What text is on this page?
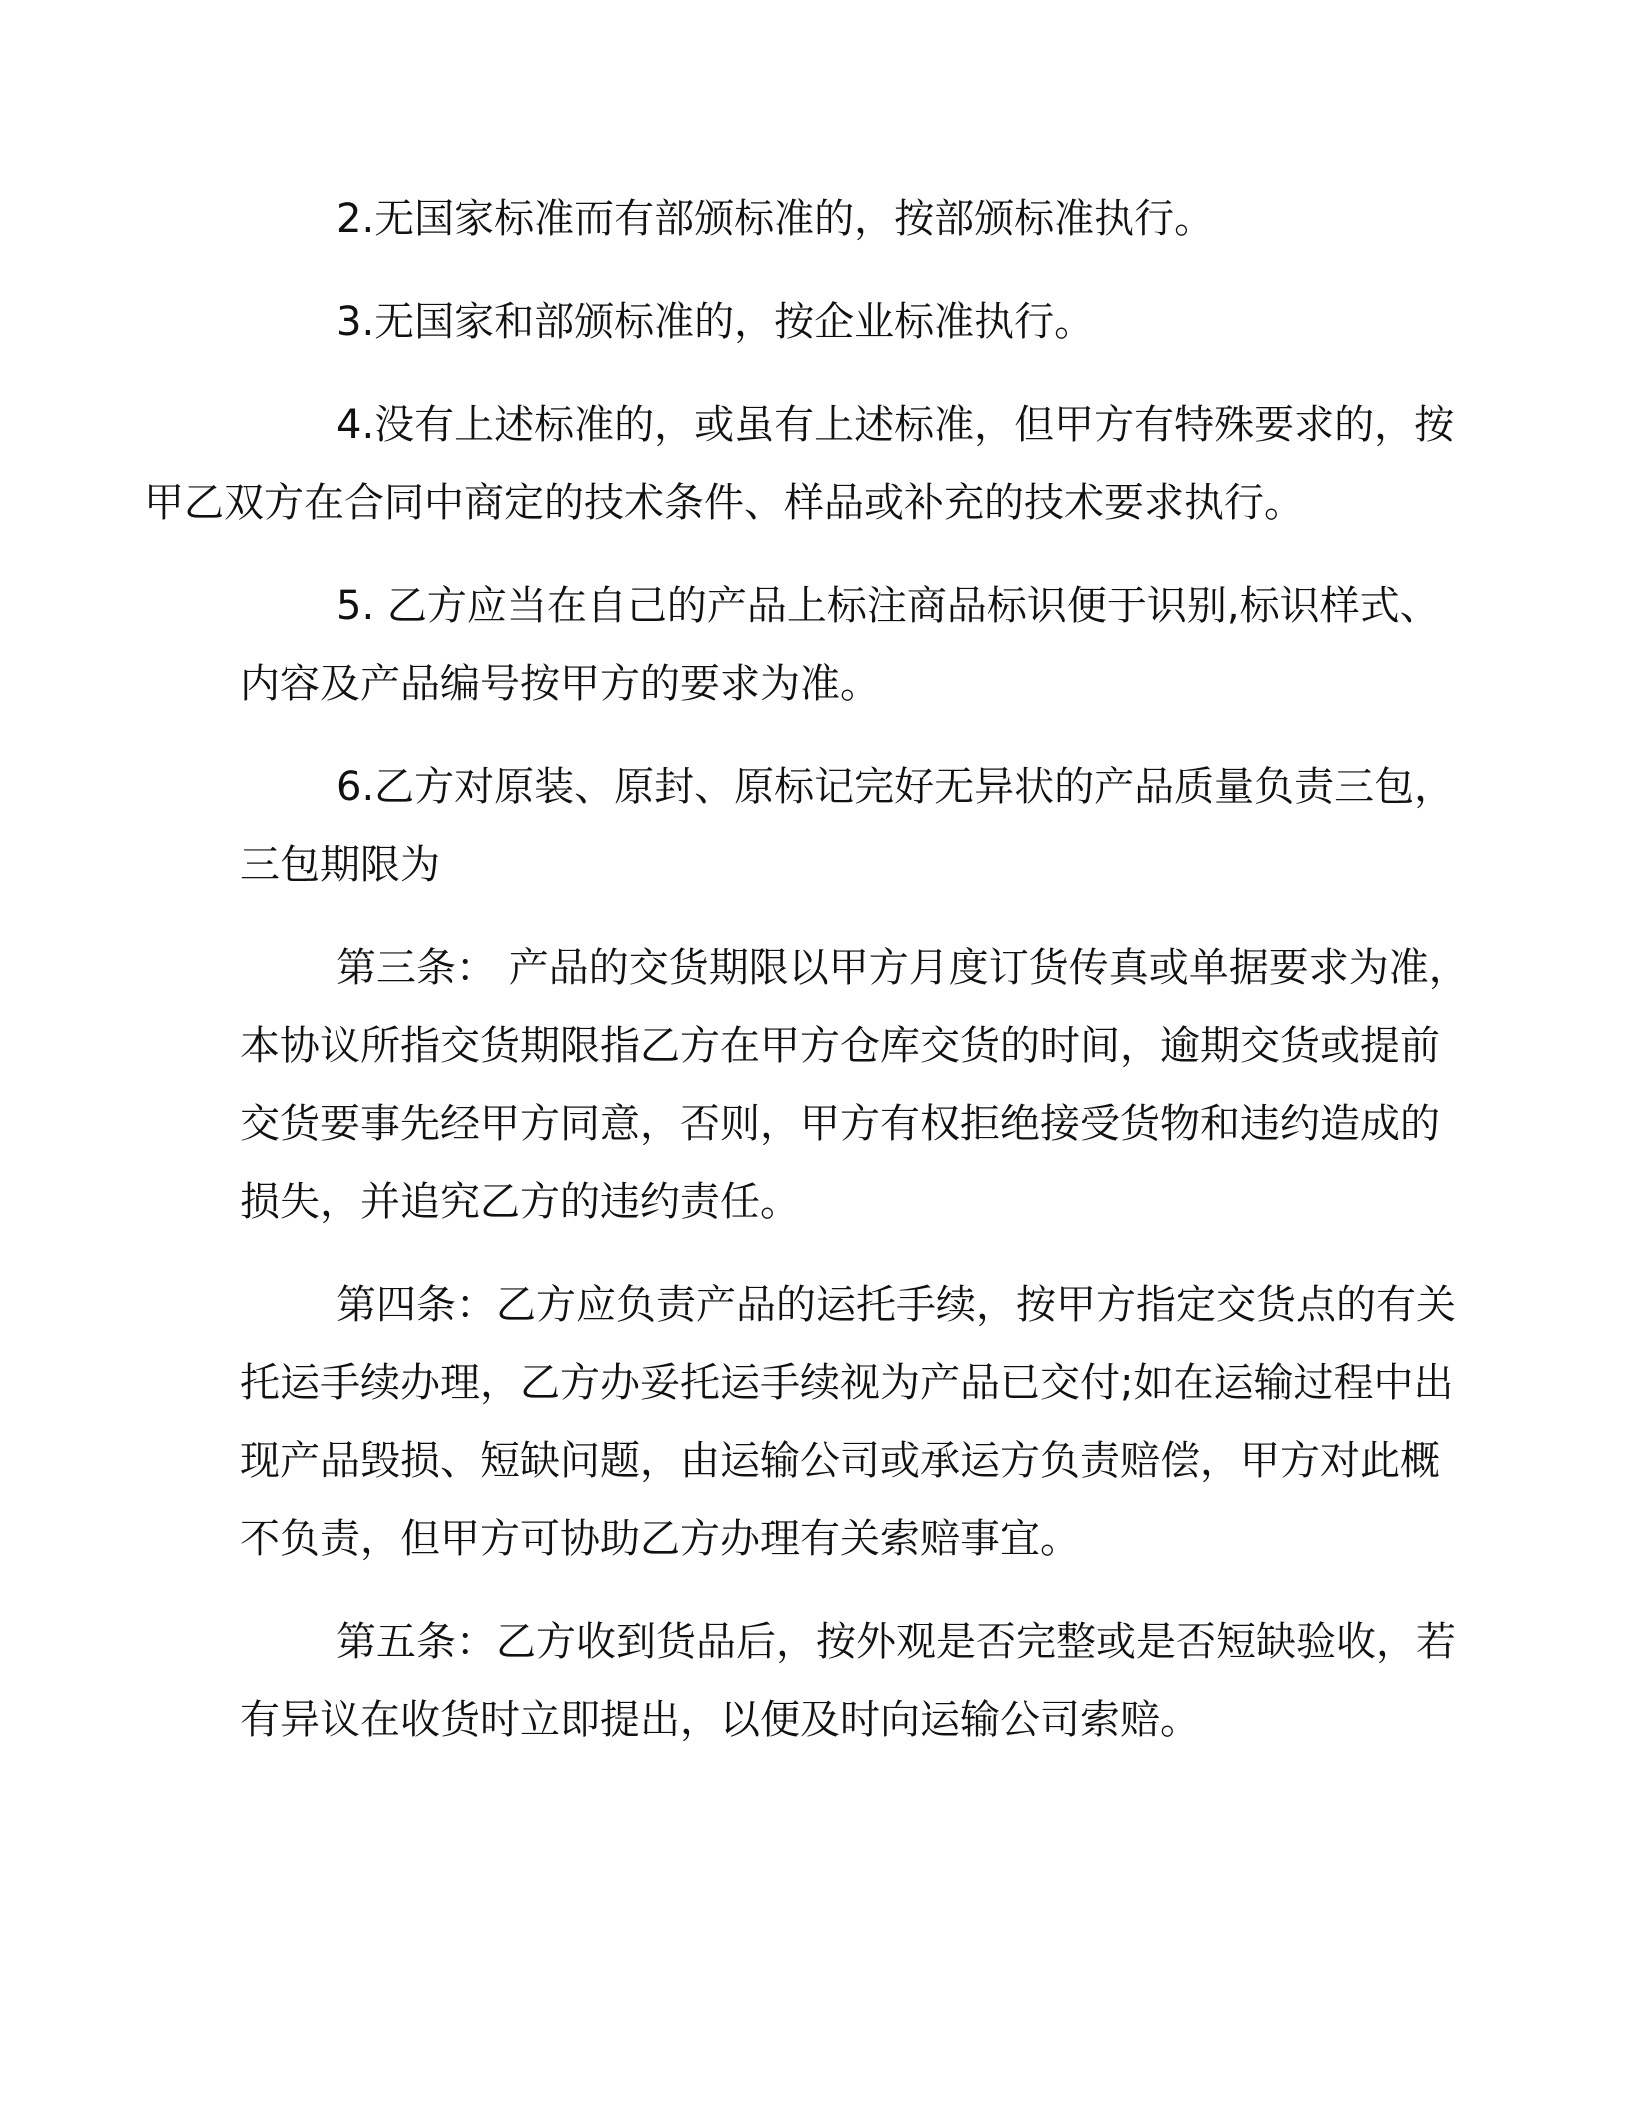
2.无国家标准而有部颁标准的，按部颁标准执行。

3.无国家和部颁标准的，按企业标准执行。

4.没有上述标准的，或虽有上述标准，但甲方有特殊要求的，按
甲乙双方在合同中商定的技术条件、样品或补充的技术要求执行。

5. 乙方应当在自己的产品上标注商品标识便于识别,标识样式、
内容及产品编号按甲方的要求为准。

6.乙方对原装、原封、原标记完好无异状的产品质量负责三包，
三包期限为

第三条： 产品的交货期限以甲方月度订货传真或单据要求为准，
本协议所指交货期限指乙方在甲方仓库交货的时间，逾期交货或提前
交货要事先经甲方同意，否则，甲方有权拒绝接受货物和违约造成的
损失，并追究乙方的违约责任。

第四条：乙方应负责产品的运托手续，按甲方指定交货点的有关
托运手续办理，乙方办妥托运手续视为产品已交付;如在运输过程中出
现产品毁损、短缺问题，由运输公司或承运方负责赔偿，甲方对此概
不负责，但甲方可协助乙方办理有关索赔事宜。

第五条：乙方收到货品后，按外观是否完整或是否短缺验收，若
有异议在收货时立即提出，以便及时向运输公司索赔。
